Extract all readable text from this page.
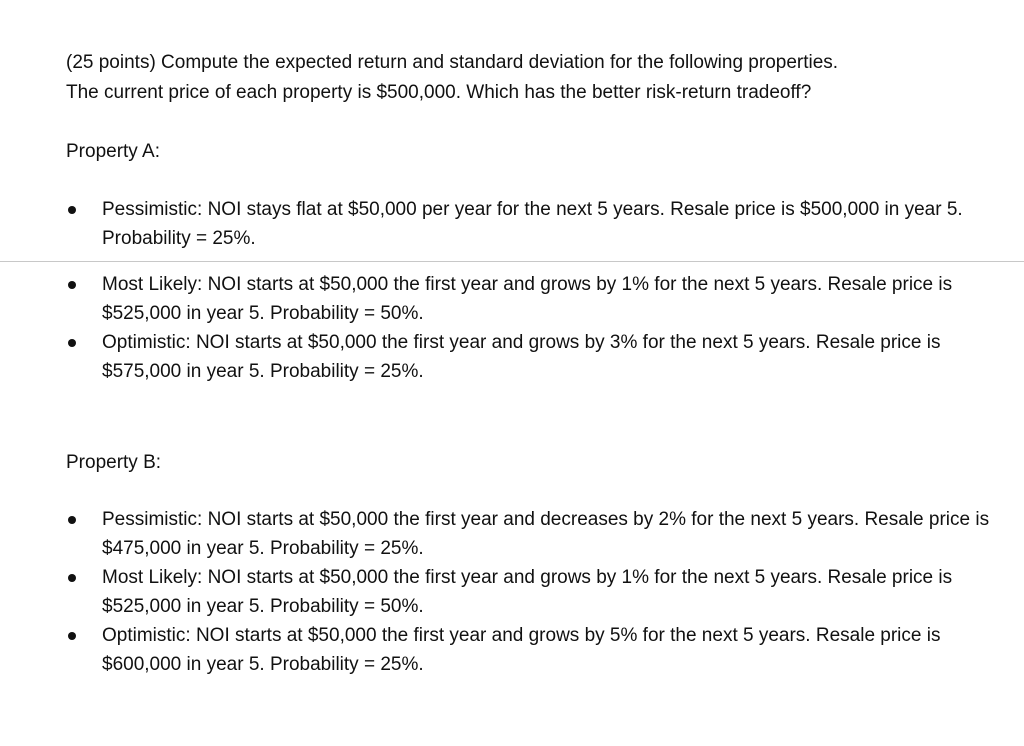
(25 points) Compute the expected return and standard deviation for the following properties.

The current price of each property is $500,000. Which has the better risk-return tradeoff?

Property A:

Pessimistic: NOI stays flat at $50,000 per year for the next 5 years. Resale price is $500,000 in year 5. Probability = 25%.
Most Likely: NOI starts at $50,000 the first year and grows by 1% for the next 5 years. Resale price is $525,000 in year 5. Probability = 50%.
Optimistic: NOI starts at $50,000 the first year and grows by 3% for the next 5 years. Resale price is $575,000 in year 5. Probability = 25%.

Property B:

Pessimistic: NOI starts at $50,000 the first year and decreases by 2% for the next 5 years. Resale price is $475,000 in year 5. Probability = 25%.
Most Likely: NOI starts at $50,000 the first year and grows by 1% for the next 5 years. Resale price is $525,000 in year 5. Probability = 50%.
Optimistic: NOI starts at $50,000 the first year and grows by 5% for the next 5 years. Resale price is $600,000 in year 5. Probability = 25%.
